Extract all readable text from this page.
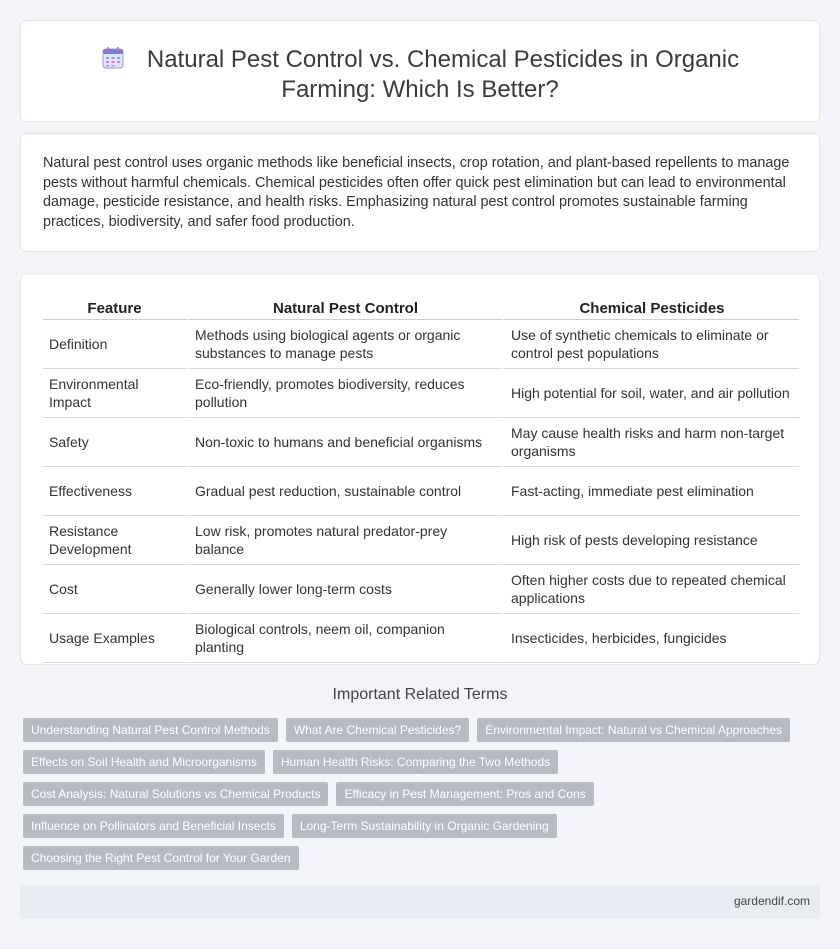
Natural Pest Control vs. Chemical Pesticides in Organic Farming: Which Is Better?

Natural pest control uses organic methods like beneficial insects, crop rotation, and plant-based repellents to manage pests without harmful chemicals. Chemical pesticides often offer quick pest elimination but can lead to environmental damage, pesticide resistance, and health risks. Emphasizing natural pest control promotes sustainable farming practices, biodiversity, and safer food production.

Feature	Natural Pest Control	Chemical Pesticides
Definition	Methods using biological agents or organic substances to manage pests	Use of synthetic chemicals to eliminate or control pest populations
Environmental Impact	Eco-friendly, promotes biodiversity, reduces pollution	High potential for soil, water, and air pollution
Safety	Non-toxic to humans and beneficial organisms	May cause health risks and harm non-target organisms
Effectiveness	Gradual pest reduction, sustainable control	Fast-acting, immediate pest elimination
Resistance Development	Low risk, promotes natural predator-prey balance	High risk of pests developing resistance
Cost	Generally lower long-term costs	Often higher costs due to repeated chemical applications
Usage Examples	Biological controls, neem oil, companion planting	Insecticides, herbicides, fungicides
Important Related Terms
Understanding Natural Pest Control Methods	What Are Chemical Pesticides?	Environmental Impact: Natural vs Chemical Approaches
Effects on Soil Health and Microorganisms	Human Health Risks: Comparing the Two Methods
Cost Analysis: Natural Solutions vs Chemical Products	Efficacy in Pest Management: Pros and Cons
Influence on Pollinators and Beneficial Insects	Long-Term Sustainability in Organic Gardening
Choosing the Right Pest Control for Your Garden
gardendif.com
